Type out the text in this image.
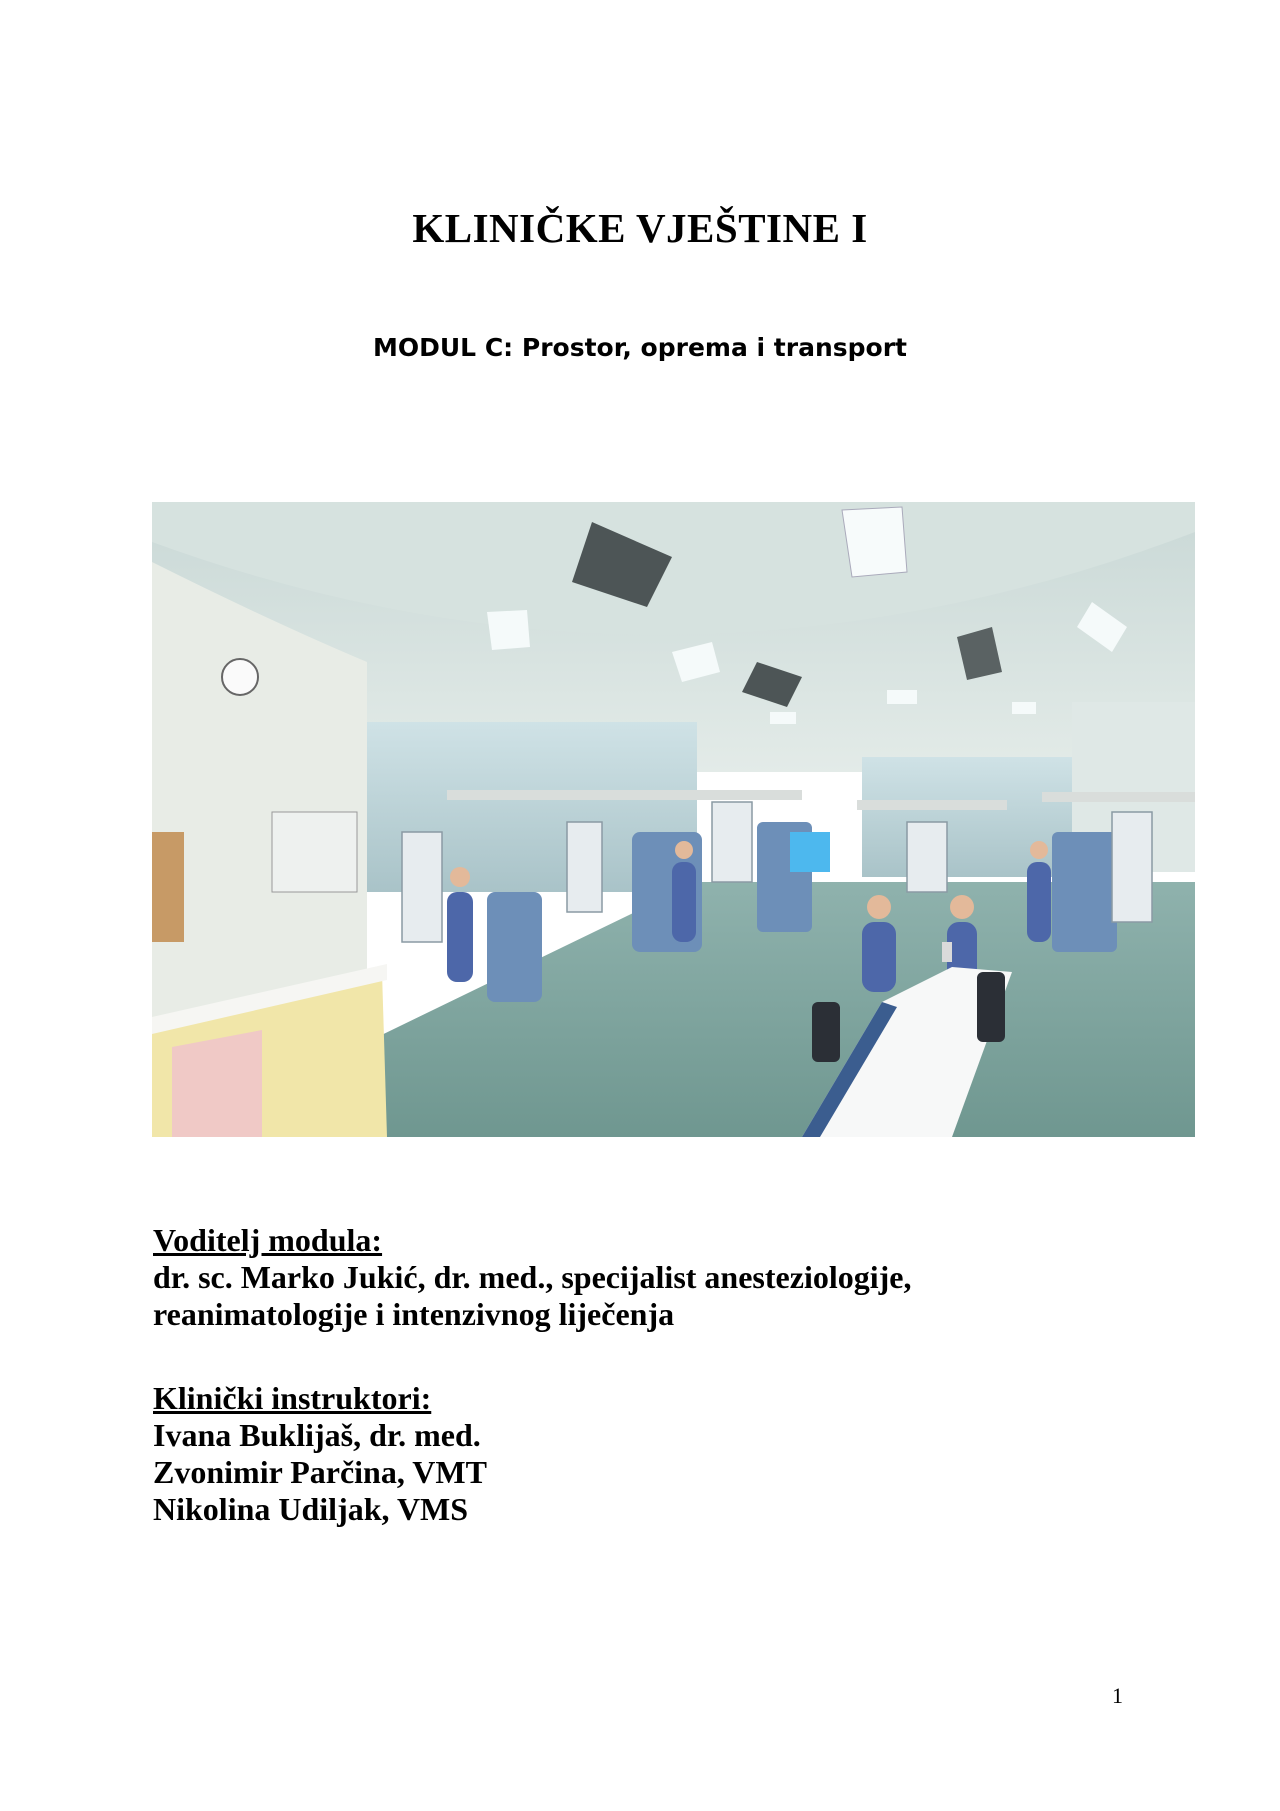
KLINIČKE VJEŠTINE I
MODUL C: Prostor, oprema i transport
Voditelj modula:
dr. sc. Marko Jukić, dr. med., specijalist anesteziologije,
reanimatologije i intenzivnog liječenja
Klinički instruktori:
Ivana Buklijaš, dr. med.
Zvonimir Parčina, VMT
Nikolina Udiljak, VMS
1
